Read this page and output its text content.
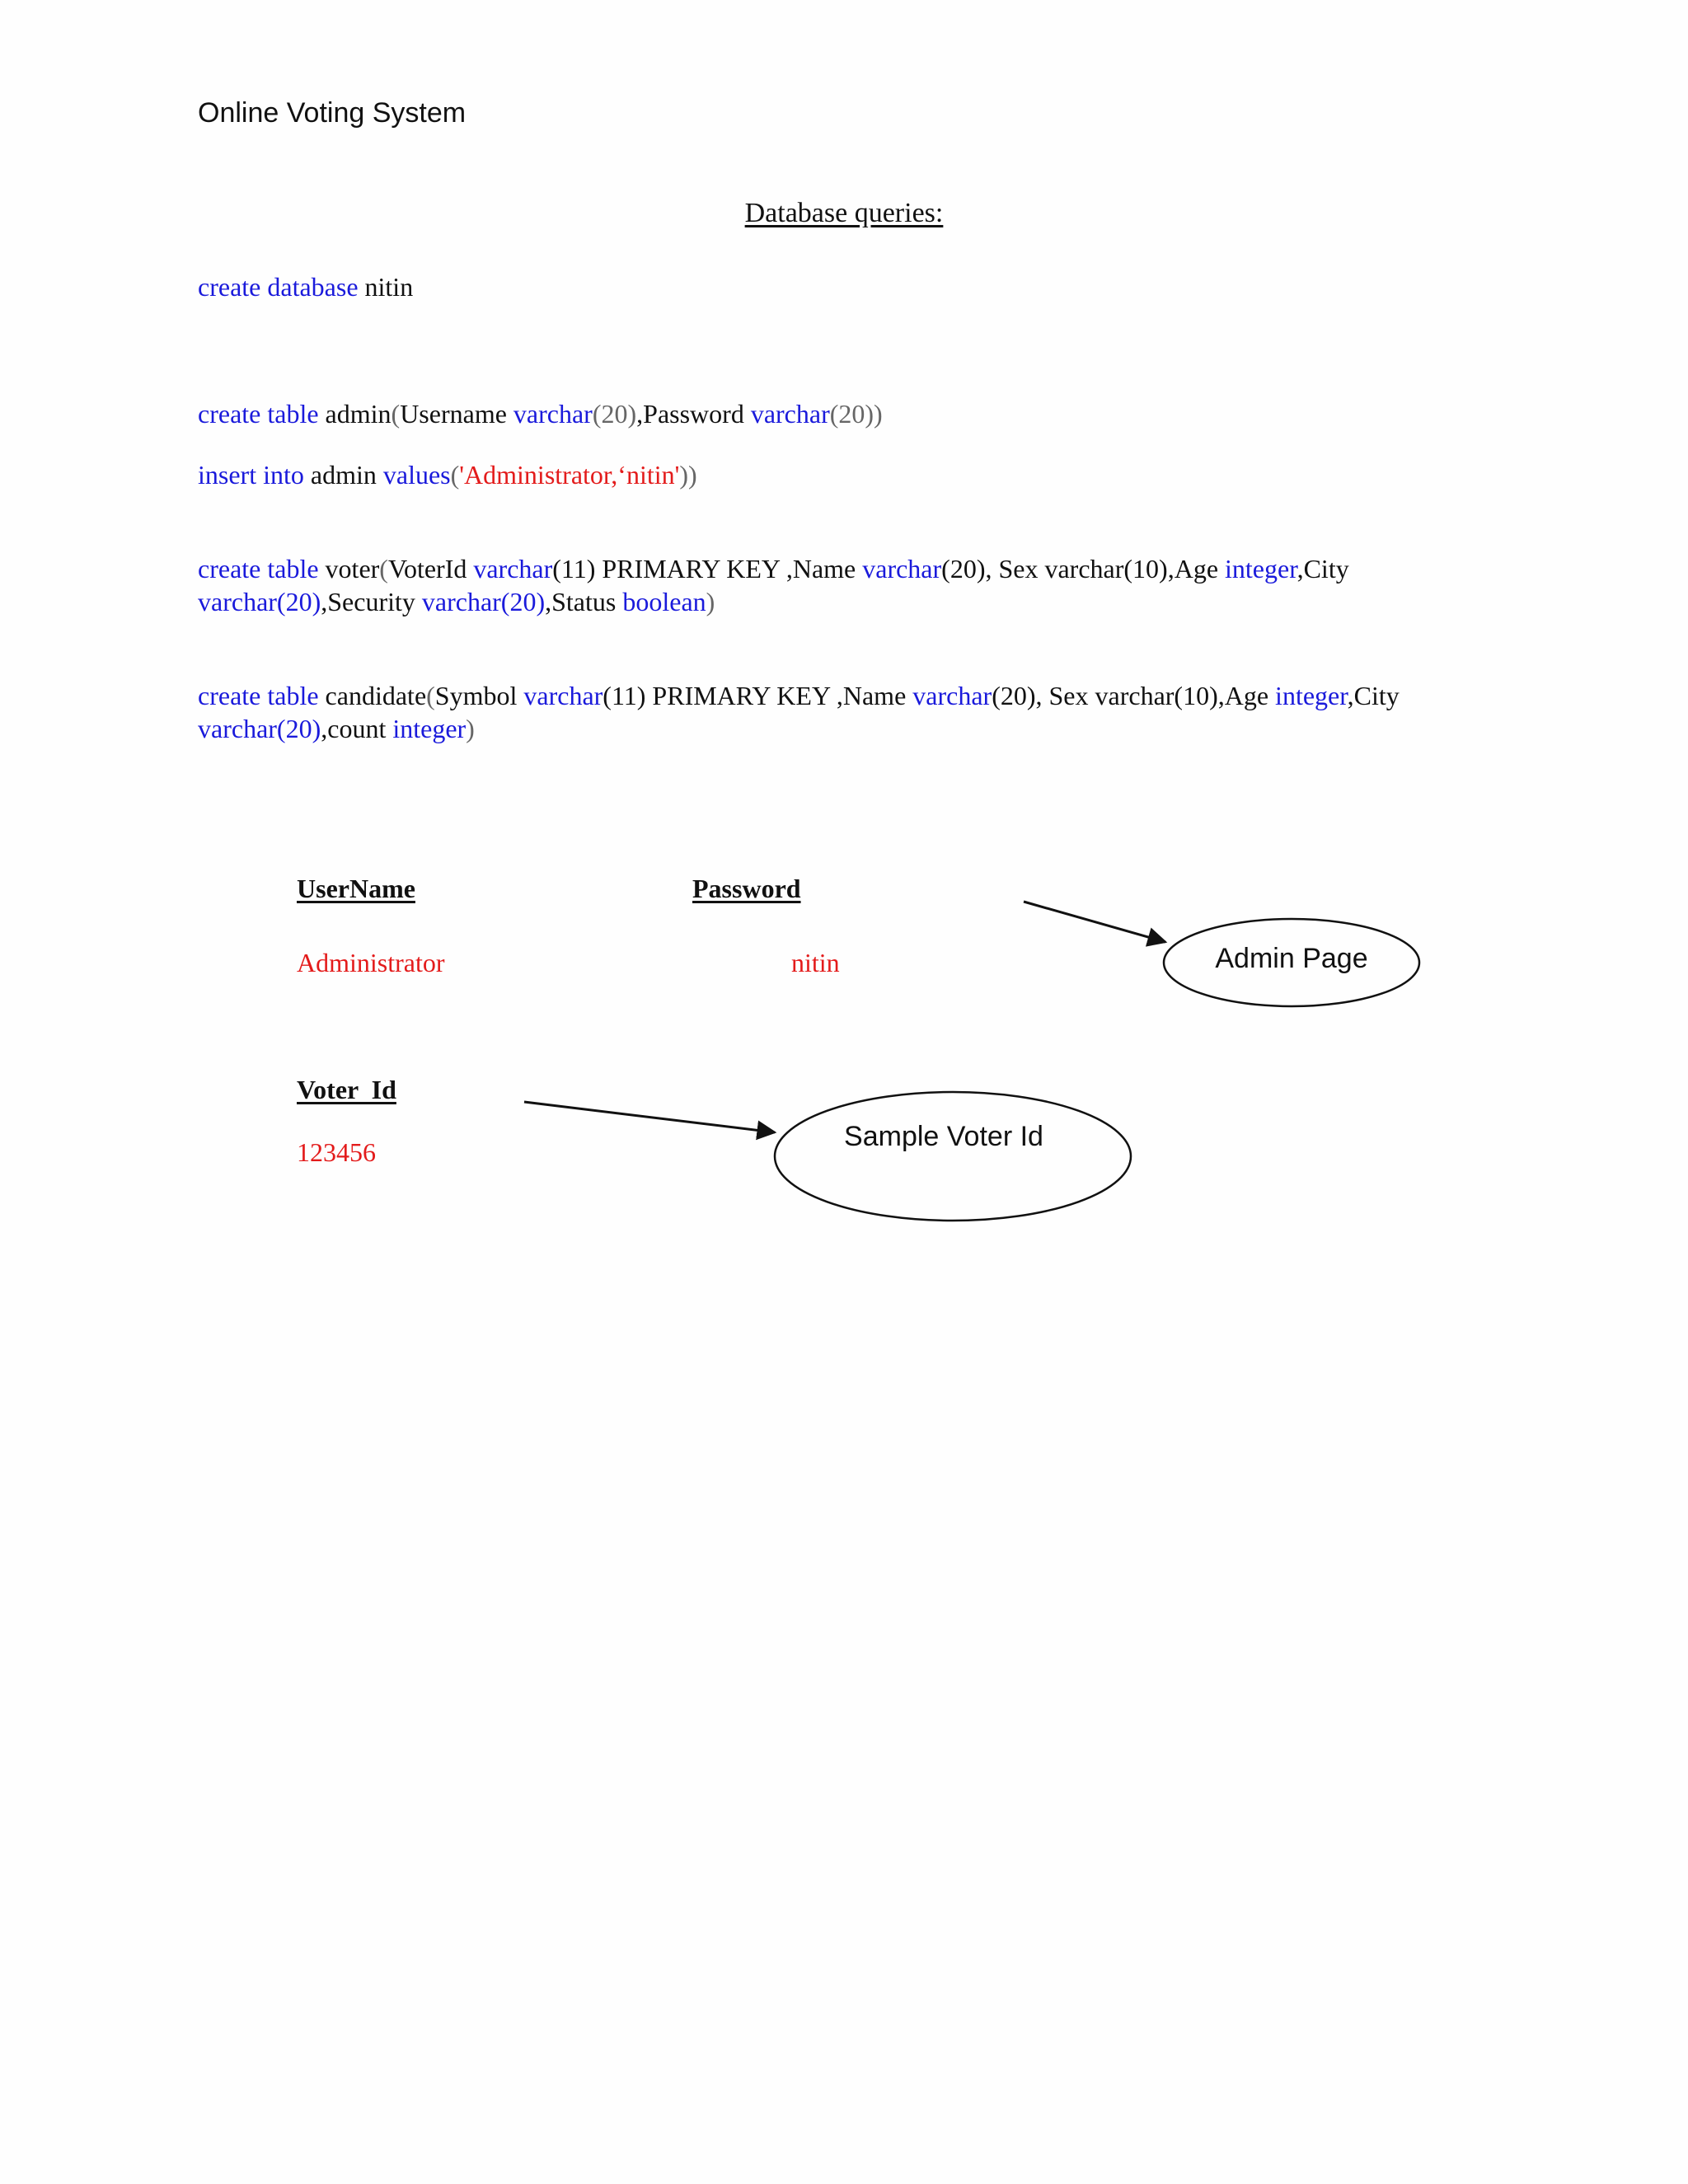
Online Voting System
Database queries:
create database nitin
create table admin(Username varchar(20),Password varchar(20))
insert into admin values('Administrator,‘nitin'))
create table voter(VoterId varchar(11) PRIMARY KEY ,Name varchar(20), Sex varchar(10),Age integer,City
varchar(20),Security varchar(20),Status boolean)
create table candidate(Symbol varchar(11) PRIMARY KEY ,Name varchar(20), Sex varchar(10),Age integer,City
varchar(20),count integer)
UserName	Password
Administrator	nitin
Voter  Id
123456
Admin Page
Sample Voter Id
